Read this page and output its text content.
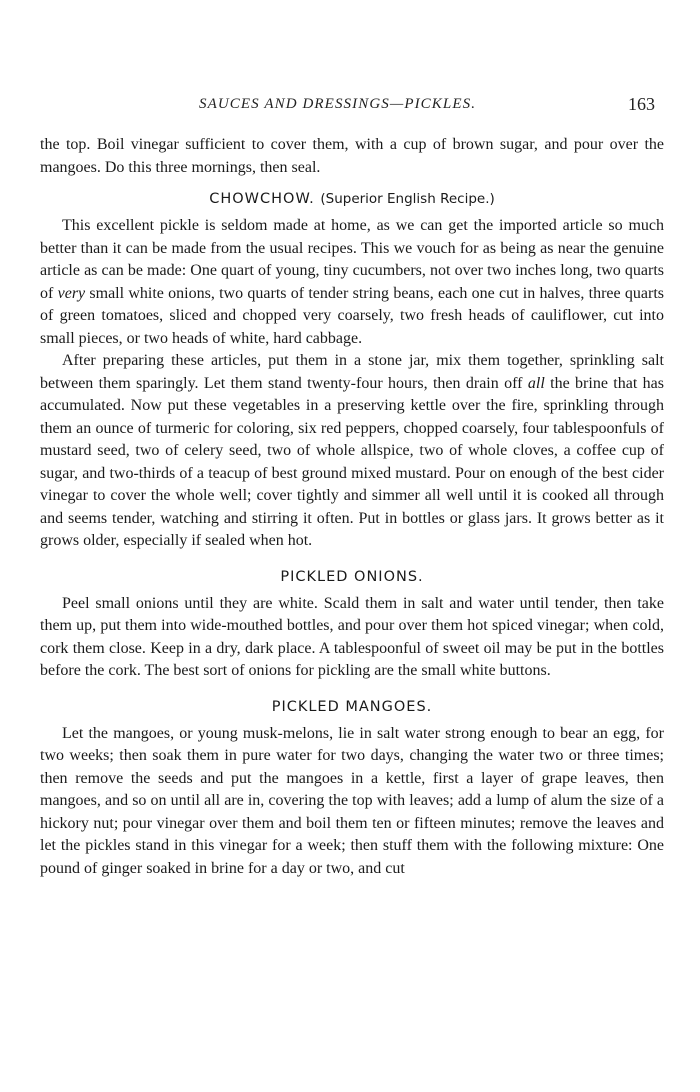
SAUCES AND DRESSINGS—PICKLES.	163

the top. Boil vinegar sufficient to cover them, with a cup of brown sugar, and pour over the mangoes. Do this three mornings, then seal.

CHOWCHOW. (Superior English Recipe.)

This excellent pickle is seldom made at home, as we can get the imported article so much better than it can be made from the usual recipes. This we vouch for as being as near the genuine article as can be made: One quart of young, tiny cucumbers, not over two inches long, two quarts of very small white onions, two quarts of tender string beans, each one cut in halves, three quarts of green tomatoes, sliced and chopped very coarsely, two fresh heads of cauliflower, cut into small pieces, or two heads of white, hard cabbage.

After preparing these articles, put them in a stone jar, mix them together, sprinkling salt between them sparingly. Let them stand twenty-four hours, then drain off all the brine that has accumulated. Now put these vegetables in a preserving kettle over the fire, sprinkling through them an ounce of turmeric for coloring, six red peppers, chopped coarsely, four tablespoonfuls of mustard seed, two of celery seed, two of whole allspice, two of whole cloves, a coffee cup of sugar, and two-thirds of a teacup of best ground mixed mustard. Pour on enough of the best cider vinegar to cover the whole well; cover tightly and simmer all well until it is cooked all through and seems tender, watching and stirring it often. Put in bottles or glass jars. It grows better as it grows older, especially if sealed when hot.

PICKLED ONIONS.

Peel small onions until they are white. Scald them in salt and water until tender, then take them up, put them into wide-mouthed bottles, and pour over them hot spiced vinegar; when cold, cork them close. Keep in a dry, dark place. A tablespoonful of sweet oil may be put in the bottles before the cork. The best sort of onions for pickling are the small white buttons.

PICKLED MANGOES.

Let the mangoes, or young musk-melons, lie in salt water strong enough to bear an egg, for two weeks; then soak them in pure water for two days, changing the water two or three times; then remove the seeds and put the mangoes in a kettle, first a layer of grape leaves, then mangoes, and so on until all are in, covering the top with leaves; add a lump of alum the size of a hickory nut; pour vinegar over them and boil them ten or fifteen minutes; remove the leaves and let the pickles stand in this vinegar for a week; then stuff them with the following mixture: One pound of ginger soaked in brine for a day or two, and cut
